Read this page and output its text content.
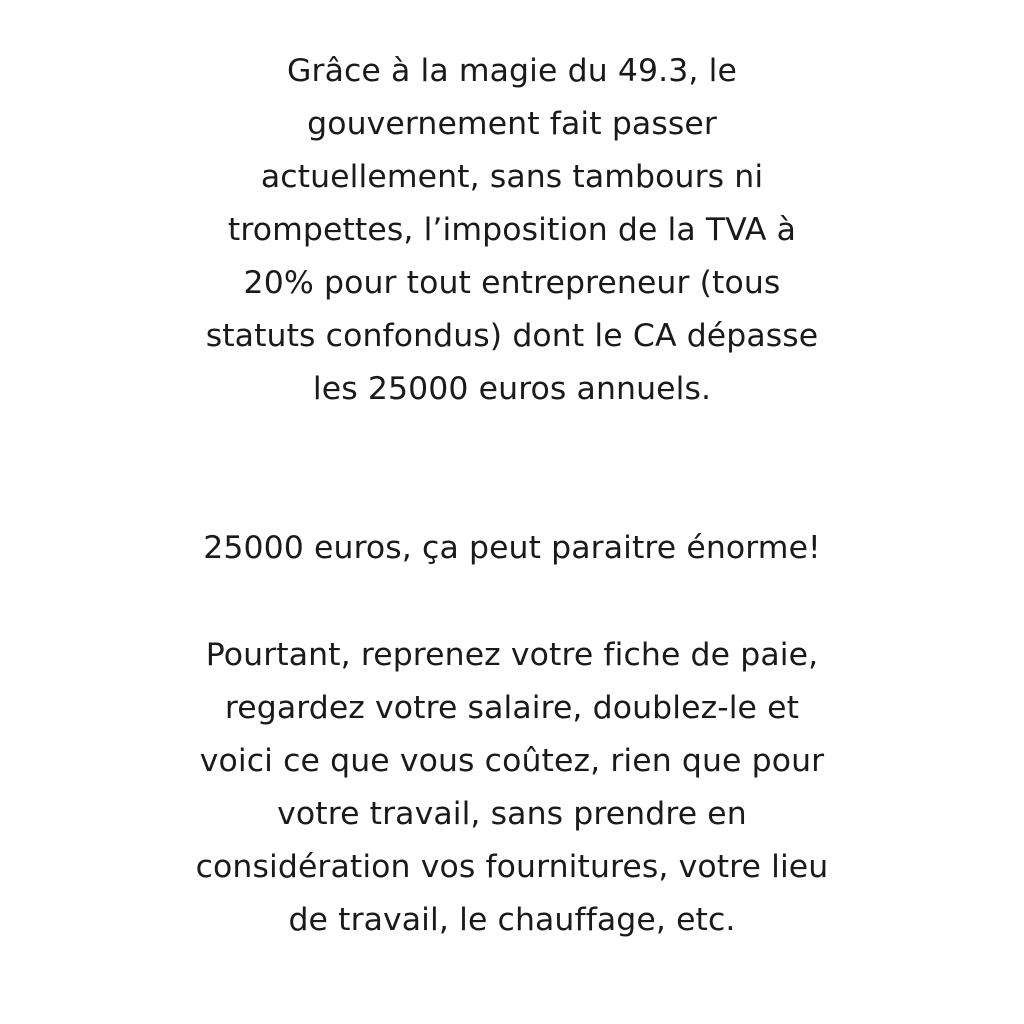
Grâce à la magie du 49.3, le
gouvernement fait passer
actuellement, sans tambours ni
trompettes, l’imposition de la TVA à
20% pour tout entrepreneur (tous
statuts confondus) dont le CA dépasse
les 25000 euros annuels.

25000 euros, ça peut paraitre énorme!

Pourtant, reprenez votre fiche de paie,
regardez votre salaire, doublez-le et
voici ce que vous coûtez, rien que pour
votre travail, sans prendre en
considération vos fournitures, votre lieu
de travail, le chauffage, etc.
